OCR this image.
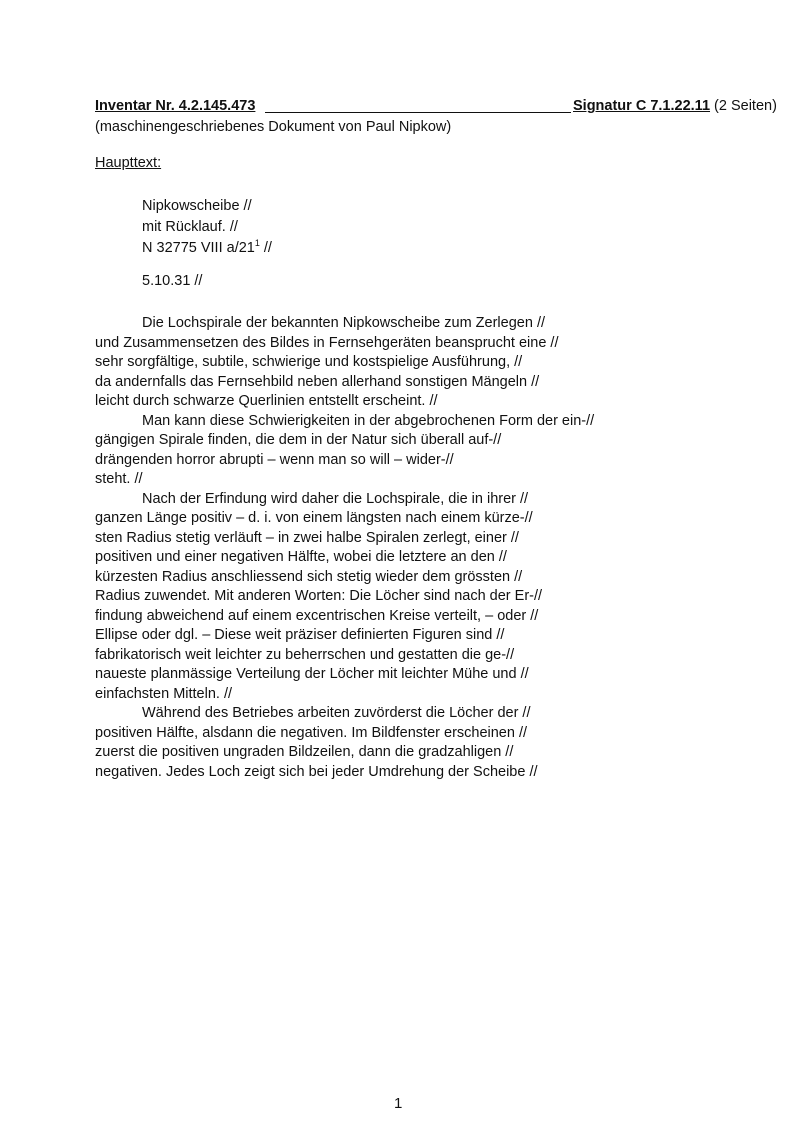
Inventar Nr. 4.2.145.473	Signatur C 7.1.22.11 (2 Seiten)
(maschinengeschriebenes Dokument von Paul Nipkow)
Haupttext:
Nipkowscheibe //
mit Rücklauf. //
N 32775 VIII $a/21^1$ //
5.10.31 //
Die Lochspirale der bekannten Nipkowscheibe zum Zerlegen //
und Zusammensetzen des Bildes in Fernsehgeräten beansprucht eine //
sehr sorgfältige, subtile, schwierige und kostspielige Ausführung, //
da andernfalls das Fernsehbild neben allerhand sonstigen Mängeln //
leicht durch schwarze Querlinien entstellt erscheint. //
Man kann diese Schwierigkeiten in der abgebrochenen Form der ein-//
gängigen Spirale finden, die dem in der Natur sich überall auf-//
drängenden horror abrupti – wenn man so will – wider-//
steht. //
Nach der Erfindung wird daher die Lochspirale, die in ihrer //
ganzen Länge positiv – d. i. von einem längsten nach einem kürze-//
sten Radius stetig verläuft – in zwei halbe Spiralen zerlegt, einer //
positiven und einer negativen Hälfte, wobei die letztere an den //
kürzesten Radius anschliessend sich stetig wieder dem grössten //
Radius zuwendet. Mit anderen Worten: Die Löcher sind nach der Er-//
findung abweichend auf einem excentrischen Kreise verteilt, – oder //
Ellipse oder dgl. – Diese weit präziser definierten Figuren sind //
fabrikatorisch weit leichter zu beherrschen und gestatten die ge-//
naueste planmässige Verteilung der Löcher mit leichter Mühe und //
einfachsten Mitteln. //
Während des Betriebes arbeiten zuvörderst die Löcher der //
positiven Hälfte, alsdann die negativen. Im Bildfenster erscheinen //
zuerst die positiven ungraden Bildzeilen, dann die gradzahligen //
negativen. Jedes Loch zeigt sich bei jeder Umdrehung der Scheibe //
1
